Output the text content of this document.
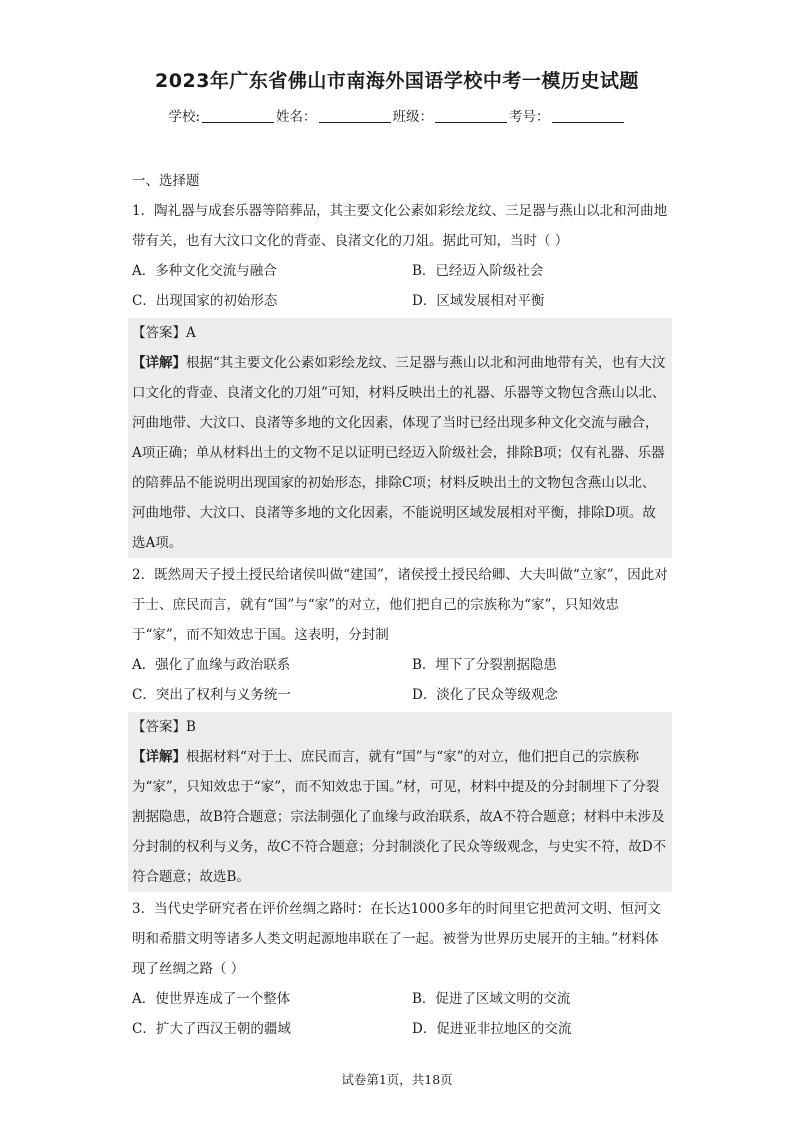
2023年广东省佛山市南海外国语学校中考一模历史试题
学校:	姓名：	班级：	考号：

一、选择题

1．陶礼器与成套乐器等陪葬品，其主要文化公素如彩绘龙纹、三足器与燕山以北和河曲地带有关，也有大汶口文化的背壶、良渚文化的刀俎。据此可知，当时（ ）

A．多种文化交流与融合	B．已经迈入阶级社会

C．出现国家的初始形态	D．区域发展相对平衡

【答案】A

【详解】根据“其主要文化公素如彩绘龙纹、三足器与燕山以北和河曲地带有关，也有大汶口文化的背壶、良渚文化的刀俎”可知，材料反映出土的礼器、乐器等文物包含燕山以北、河曲地带、大汶口、良渚等多地的文化因素，体现了当时已经出现多种文化交流与融合，A项正确；单从材料出土的文物不足以证明已经迈入阶级社会，排除B项；仅有礼器、乐器的陪葬品不能说明出现国家的初始形态，排除C项；材料反映出土的文物包含燕山以北、河曲地带、大汶口、良渚等多地的文化因素，不能说明区域发展相对平衡，排除D项。故选A项。

2．既然周天子授土授民给诸侯叫做“建国”，诸侯授土授民给卿、大夫叫做“立家”，因此对于士、庶民而言，就有“国”与“家”的对立，他们把自己的宗族称为“家”，只知效忠于“家”，而不知效忠于国。这表明，分封制

A．强化了血缘与政治联系	B．埋下了分裂割据隐患

C．突出了权利与义务统一	D．淡化了民众等级观念

【答案】B

【详解】根据材料“对于士、庶民而言，就有“国”与“家”的对立，他们把自己的宗族称为“家”，只知效忠于“家”，而不知效忠于国。”材，可见，材料中提及的分封制埋下了分裂割据隐患，故B符合题意；宗法制强化了血缘与政治联系，故A不符合题意；材料中未涉及分封制的权利与义务，故C不符合题意；分封制淡化了民众等级观念，与史实不符，故D不符合题意；故选B。

3．当代史学研究者在评价丝绸之路时：在长达1000多年的时间里它把黄河文明、恒河文明和希腊文明等诸多人类文明起源地串联在了一起。被誉为世界历史展开的主轴。”材料体现了丝绸之路（ ）

A．使世界连成了一个整体	B．促进了区域文明的交流

C．扩大了西汉王朝的疆域	D．促进亚非拉地区的交流

试卷第1页，共18页
